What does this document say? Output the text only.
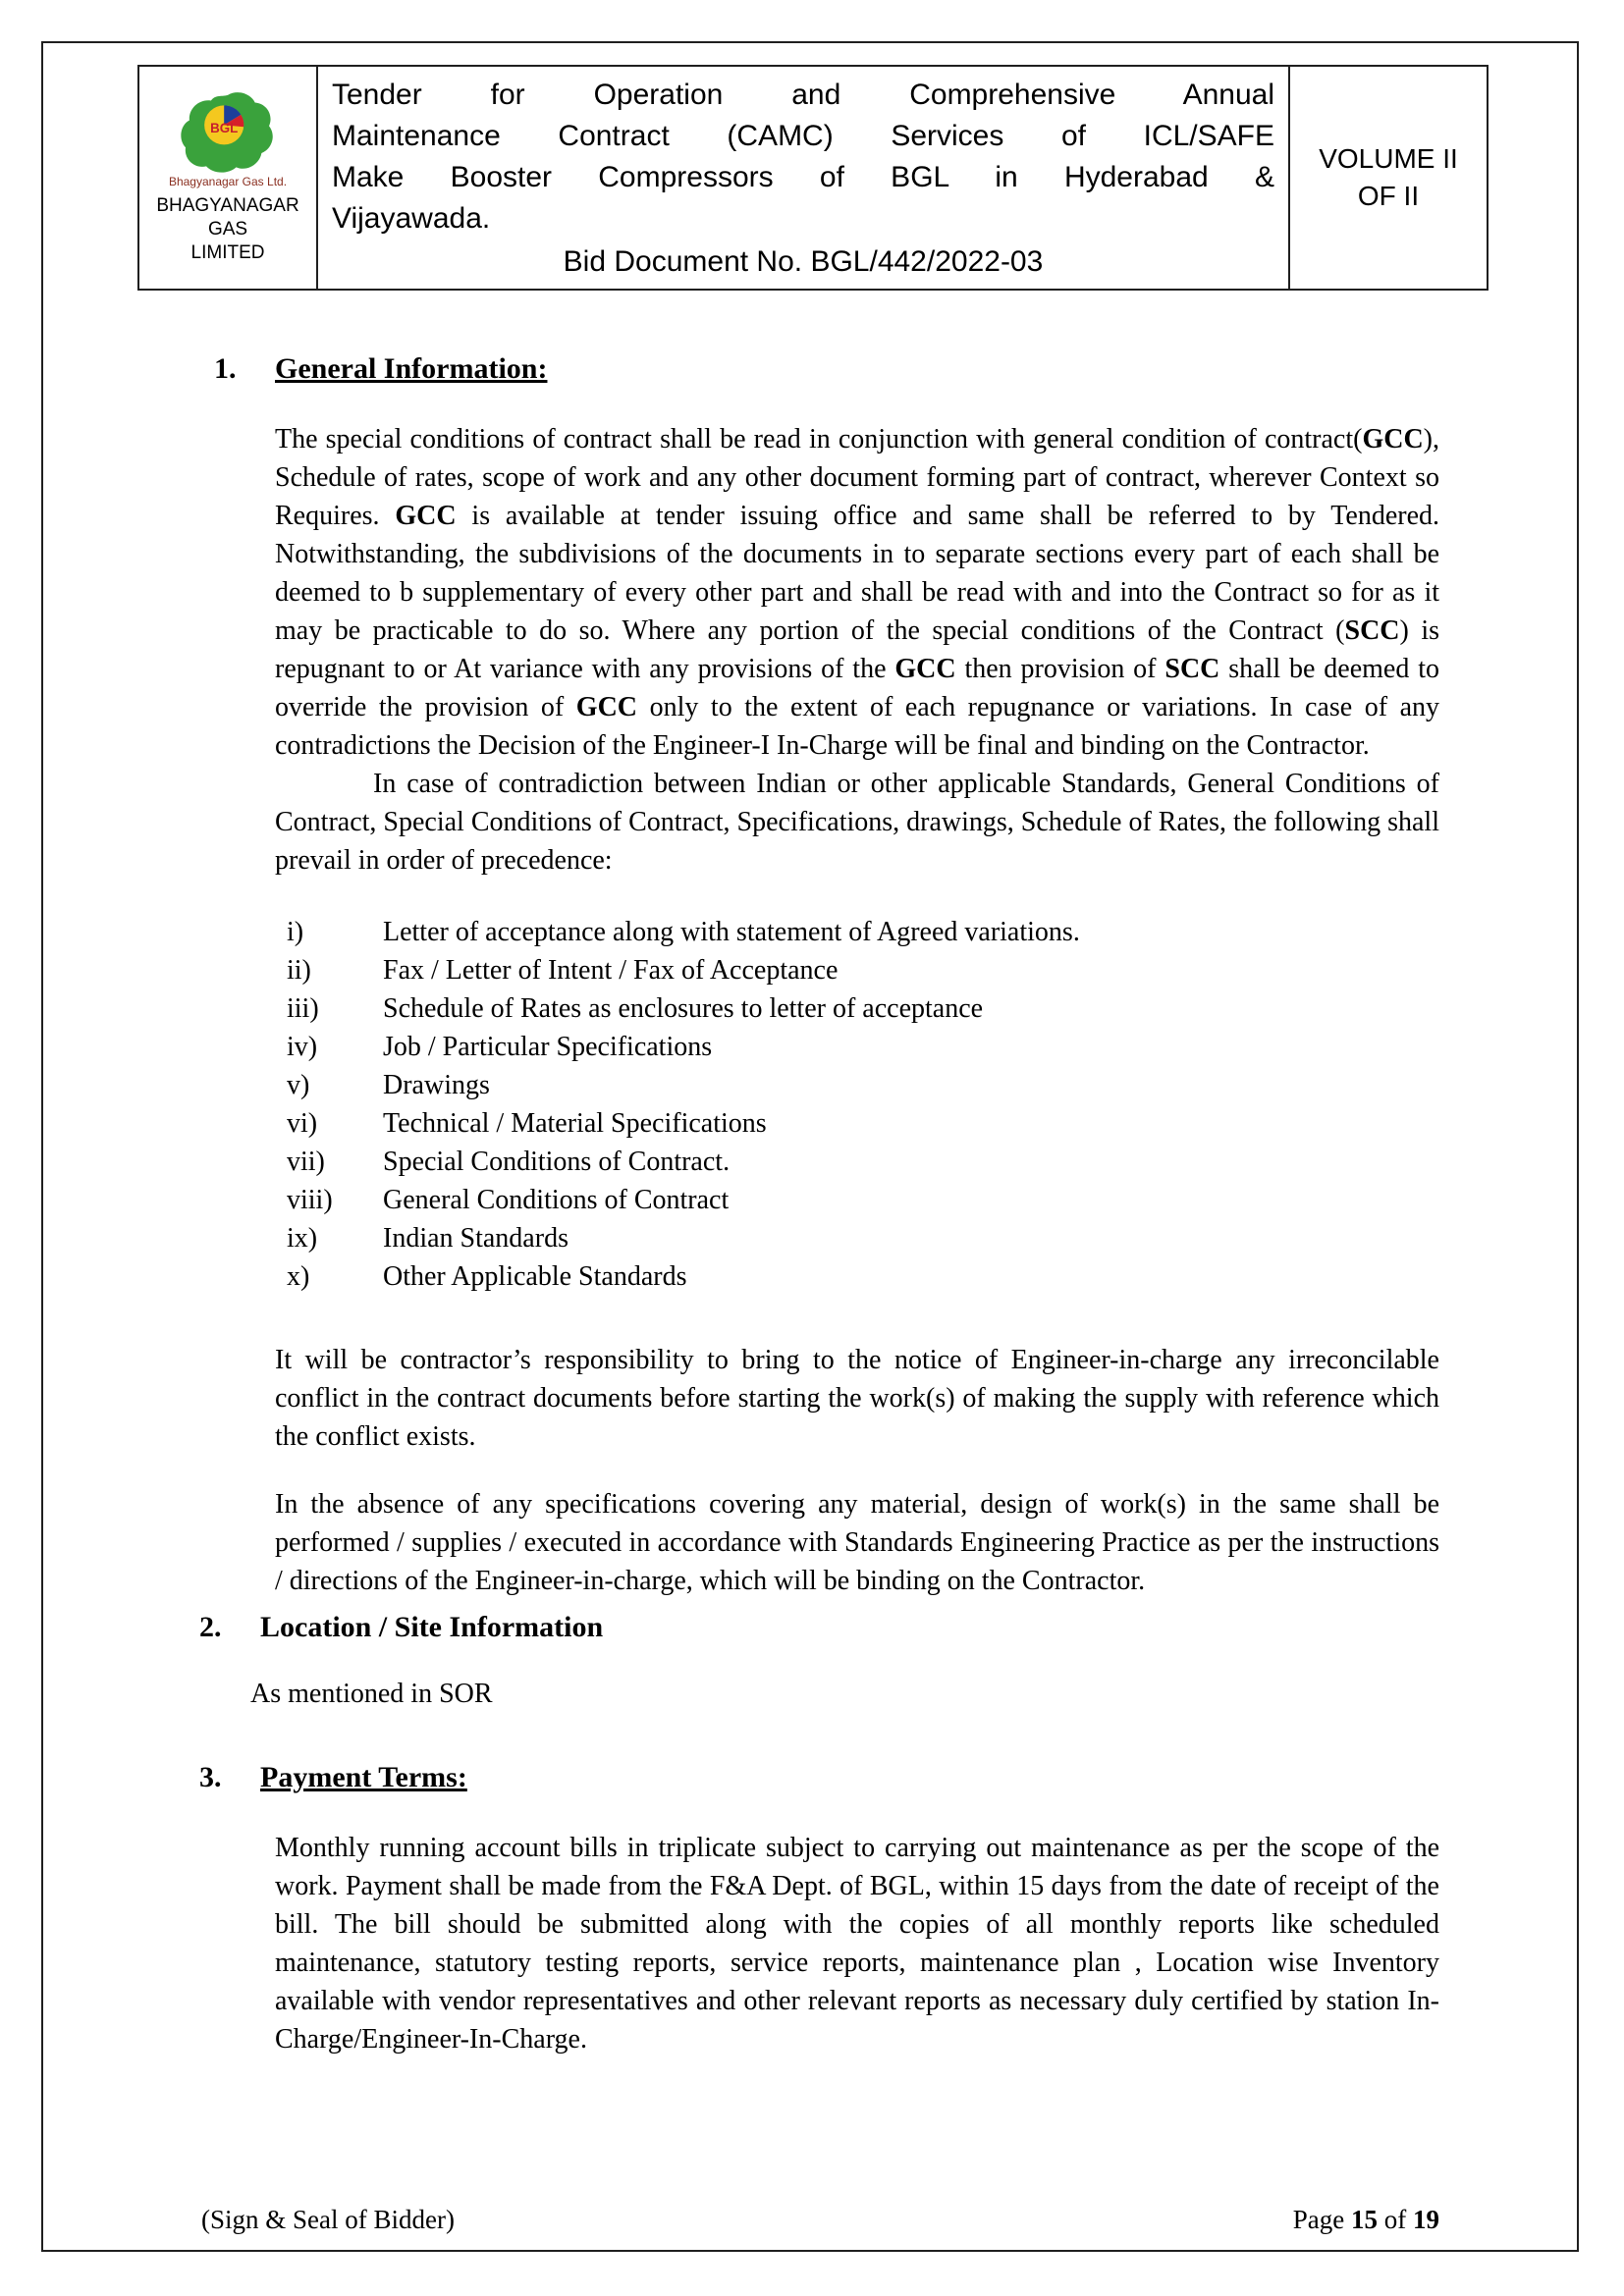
BGL
Bhagyanagar Gas Ltd.
BHAGYANAGAR GAS
LIMITED

Tender for Operation and Comprehensive Annual
Maintenance Contract (CAMC) Services of ICL/SAFE
Make Booster Compressors of BGL in Hyderabad &
Vijayawada.
Bid Document No. BGL/442/2022-03

VOLUME II
OF II
1. General Information:
The special conditions of contract shall be read in conjunction with general condition of contract(GCC), Schedule of rates, scope of work and any other document forming part of contract, wherever Context so Requires. GCC is available at tender issuing office and same shall be referred to by Tendered. Notwithstanding, the subdivisions of the documents in to separate sections every part of each shall be deemed to b supplementary of every other part and shall be read with and into the Contract so for as it may be practicable to do so. Where any portion of the special conditions of the Contract (SCC) is repugnant to or At variance with any provisions of the GCC then provision of SCC shall be deemed to override the provision of GCC only to the extent of each repugnance or variations. In case of any contradictions the Decision of the Engineer-I In-Charge will be final and binding on the Contractor.
In case of contradiction between Indian or other applicable Standards, General Conditions of Contract, Special Conditions of Contract, Specifications, drawings, Schedule of Rates, the following shall prevail in order of precedence:
i)	Letter of acceptance along with statement of Agreed variations.
ii)	Fax / Letter of Intent / Fax of Acceptance
iii)	Schedule of Rates as enclosures to letter of acceptance
iv)	Job / Particular Specifications
v)	Drawings
vi)	Technical / Material Specifications
vii)	Special Conditions of Contract.
viii)	General Conditions of Contract
ix)	Indian Standards
x)	Other Applicable Standards
It will be contractor’s responsibility to bring to the notice of Engineer-in-charge any irreconcilable conflict in the contract documents before starting the work(s) of making the supply with reference which the conflict exists.
In the absence of any specifications covering any material, design of work(s) in the same shall be performed / supplies / executed in accordance with Standards Engineering Practice as per the instructions / directions of the Engineer-in-charge, which will be binding on the Contractor.
2. Location / Site Information
As mentioned in SOR
3. Payment Terms:
Monthly running account bills in triplicate subject to carrying out maintenance as per the scope of the work. Payment shall be made from the F&A Dept. of BGL, within 15 days from the date of receipt of the bill. The bill should be submitted along with the copies of all monthly reports like scheduled maintenance, statutory testing reports, service reports, maintenance plan , Location wise Inventory available with vendor representatives and other relevant reports as necessary duly certified by station In-Charge/Engineer-In-Charge.
(Sign & Seal of Bidder)	Page 15 of 19
